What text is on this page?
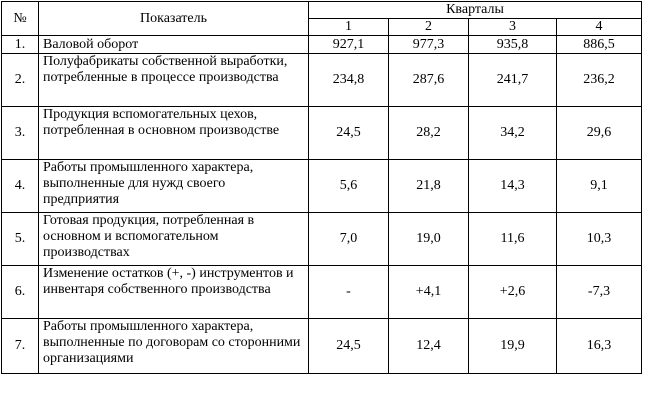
№	Показатель	Кварталы			
		1	2	3	4
1.	Валовой оборот	927,1	977,3	935,8	886,5
2.	Полуфабрикаты собственной выработки, потребленные в процессе производства	234,8	287,6	241,7	236,2
3.	Продукция вспомогательных цехов, потребленная в основном производстве	24,5	28,2	34,2	29,6
4.	Работы промышленного характера, выполненные для нужд своего предприятия	5,6	21,8	14,3	9,1
5.	Готовая продукция, потребленная в основном и вспомогательном производствах	7,0	19,0	11,6	10,3
6.	Изменение остатков (+, -) инструментов и инвентаря собственного производства	-	+4,1	+2,6	-7,3
7.	Работы промышленного характера, выполненные по договорам со сторонними организациями	24,5	12,4	19,9	16,3
